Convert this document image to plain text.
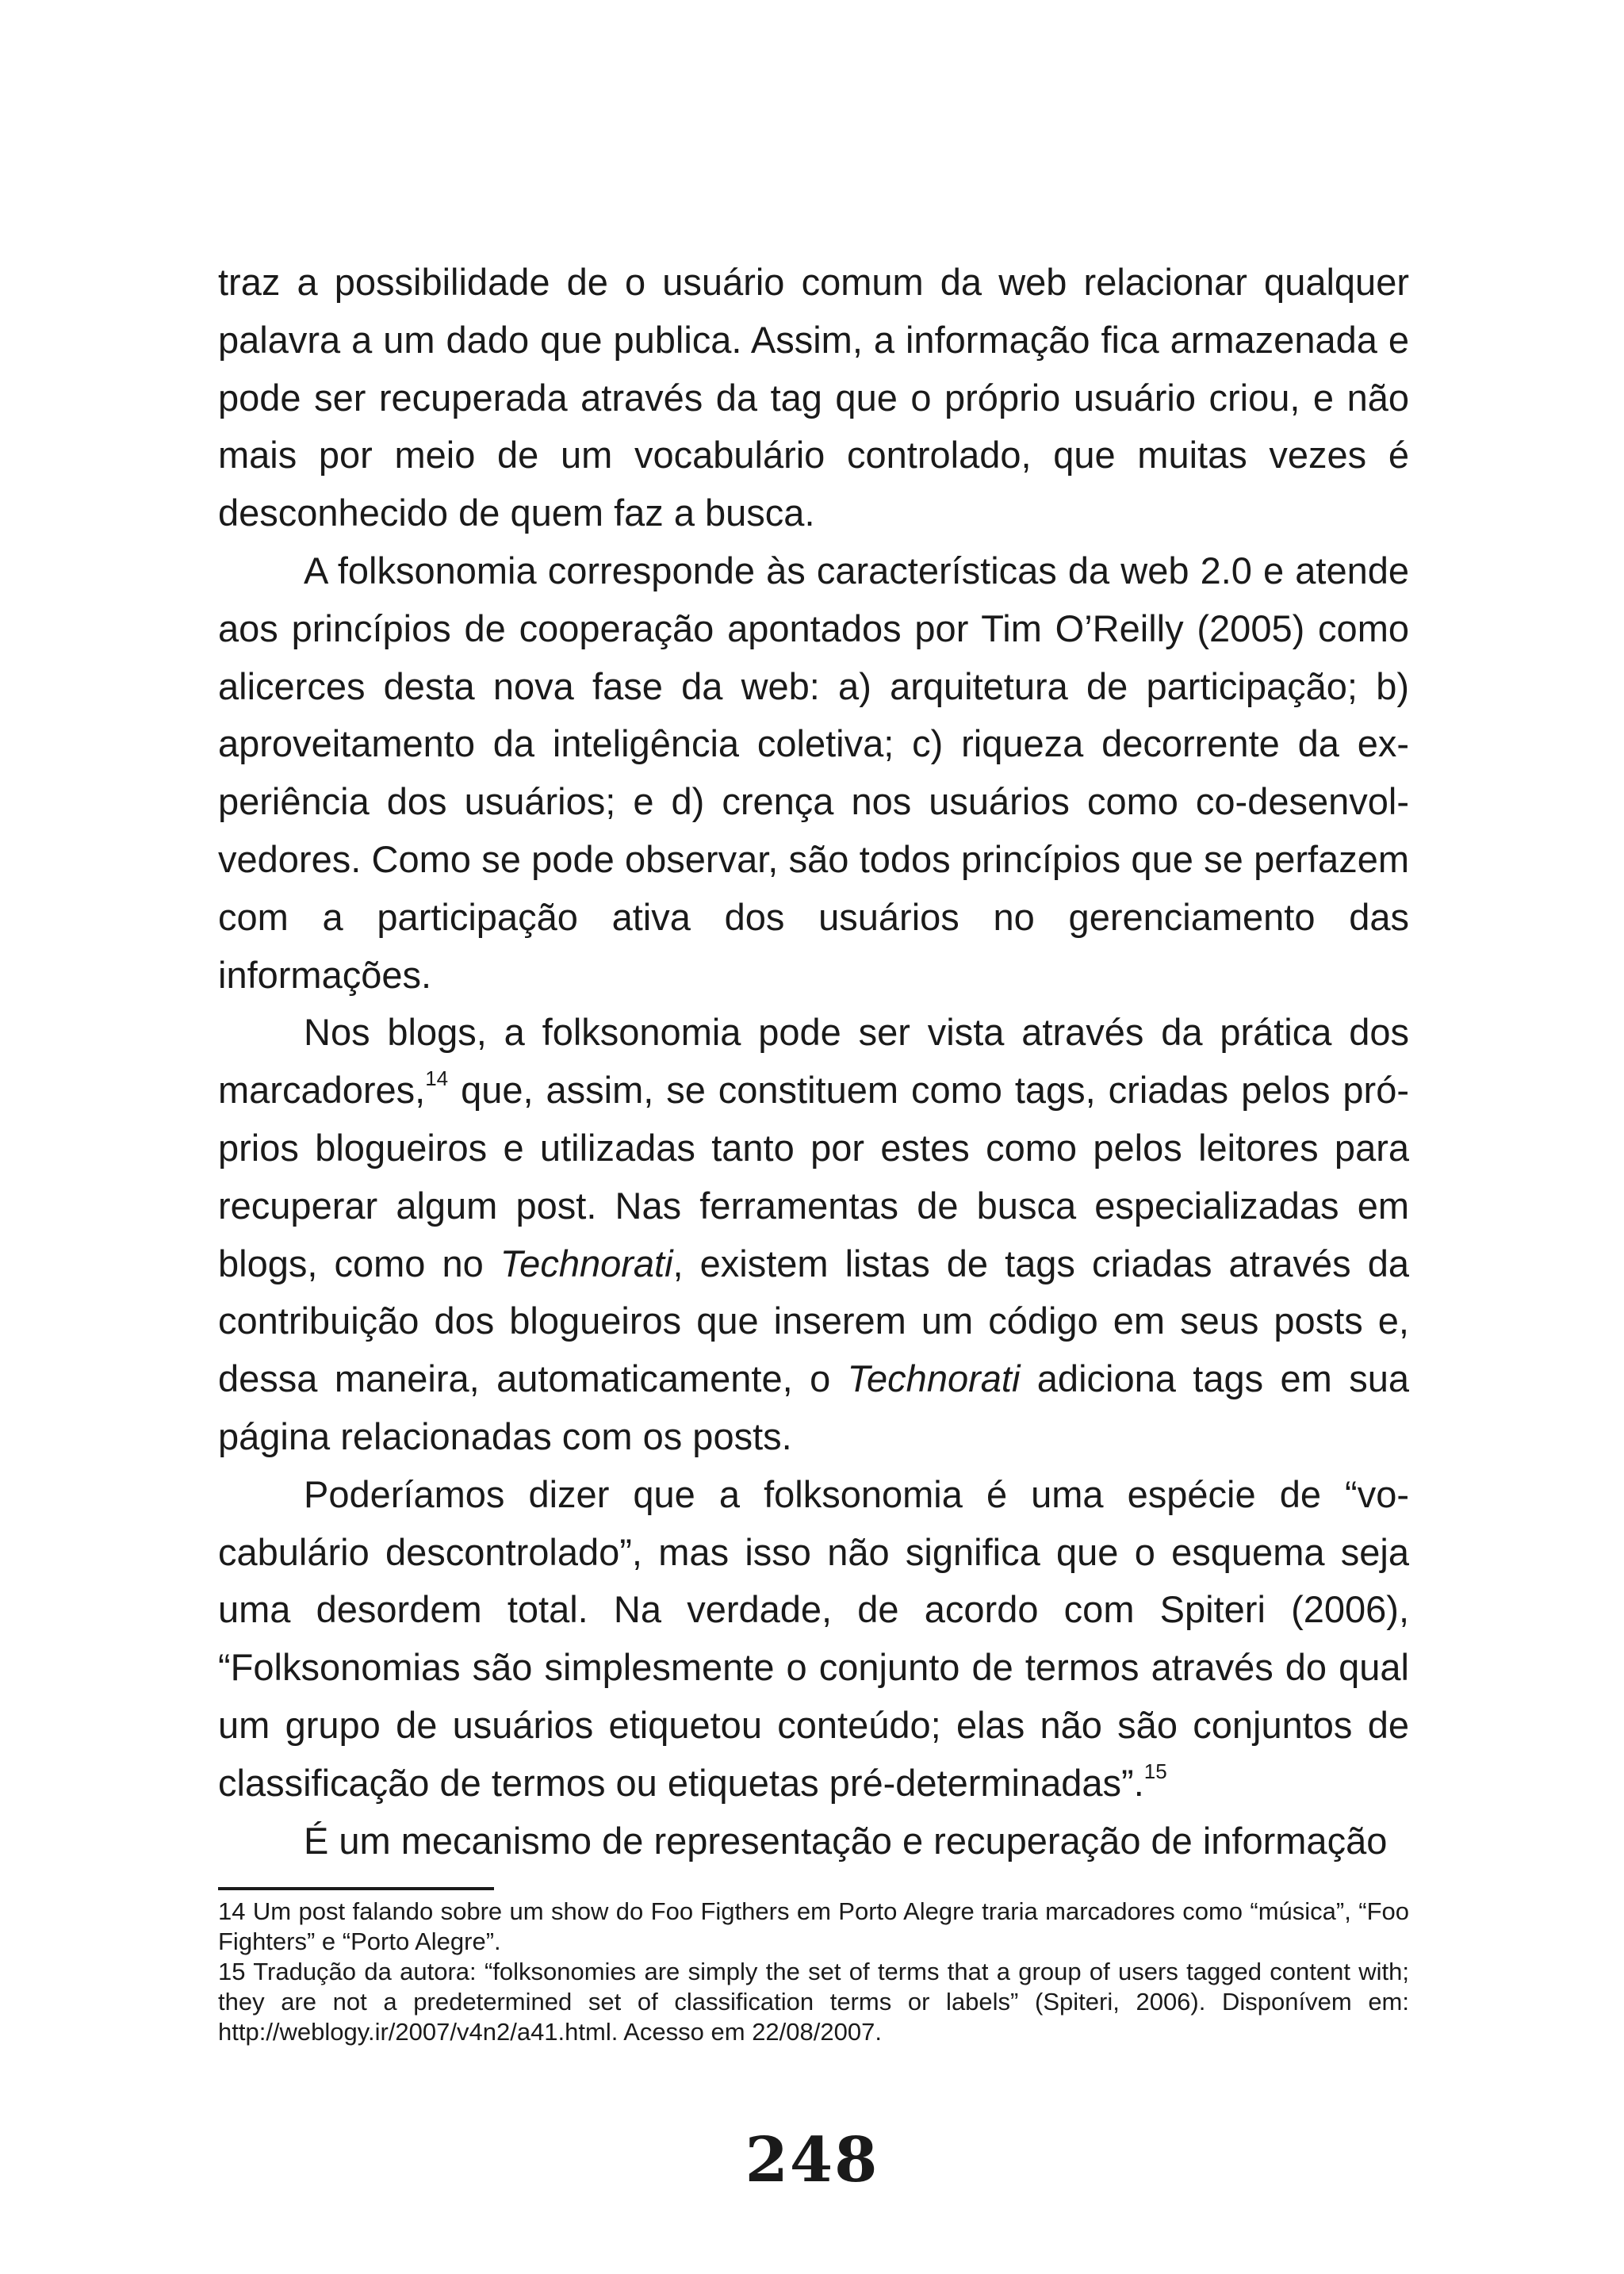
traz a possibilidade de o usuário comum da web relacionar qualquer palavra a um dado que publica. Assim, a informação fica armazenada e pode ser recuperada através da tag que o próprio usuário criou, e não mais por meio de um vocabulário controlado, que muitas vezes é desconhecido de quem faz a busca.

A folksonomia corresponde às características da web 2.0 e atende aos princípios de cooperação apontados por Tim O’Reilly (2005) como alicerces desta nova fase da web: a) arquitetura de participação; b) aproveitamento da inteligência coletiva; c) riqueza decorrente da experiência dos usuários; e d) crença nos usuários como co-desenvolvedores. Como se pode observar, são todos princípios que se perfazem com a participação ativa dos usuários no gerenciamento das informações.

Nos blogs, a folksonomia pode ser vista através da prática dos marcadores,$^{14}$ que, assim, se constituem como tags, criadas pelos próprios blogueiros e utilizadas tanto por estes como pelos leitores para recuperar algum post. Nas ferramentas de busca especializadas em blogs, como no Technorati, existem listas de tags criadas através da contribuição dos blogueiros que inserem um código em seus posts e, dessa maneira, automaticamente, o Technorati adiciona tags em sua página relacionadas com os posts.

Poderíamos dizer que a folksonomia é uma espécie de “vocabulário descontrolado”, mas isso não significa que o esquema seja uma desordem total. Na verdade, de acordo com Spiteri (2006), “Folksonomias são simplesmente o conjunto de termos através do qual um grupo de usuários etiquetou conteúdo; elas não são conjuntos de classificação de termos ou etiquetas pré-determinadas”.$^{15}$

É um mecanismo de representação e recuperação de informação

14 Um post falando sobre um show do Foo Figthers em Porto Alegre traria marcadores como “música”, “Foo Fighters” e “Porto Alegre”.

15 Tradução da autora: “folksonomies are simply the set of terms that a group of users tagged content with; they are not a predetermined set of classification terms or labels” (Spiteri, 2006). Disponívem em: http://weblogy.ir/2007/v4n2/a41.html. Acesso em 22/08/2007.

248
